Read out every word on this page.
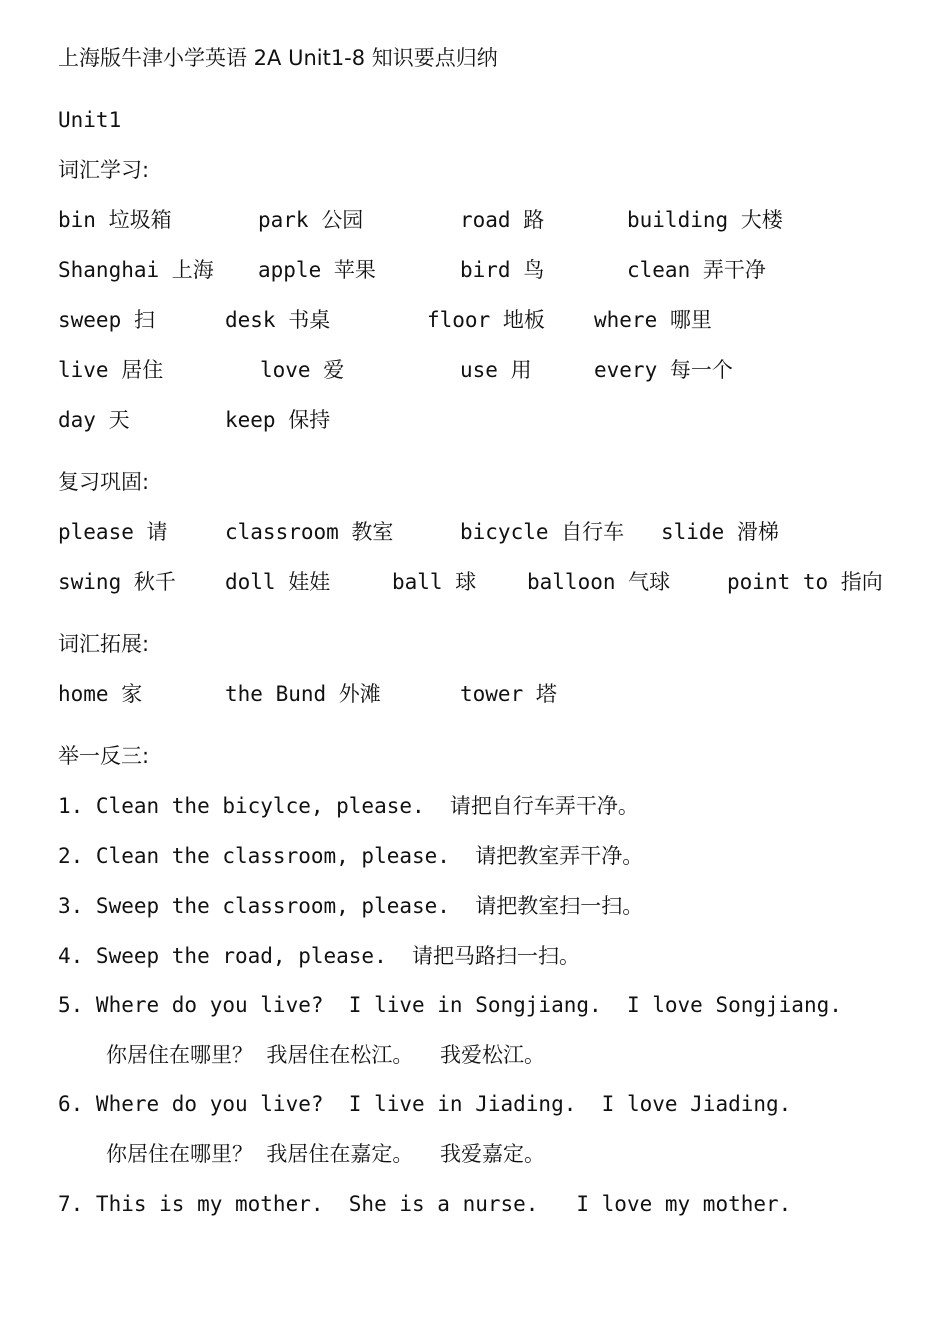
上海版牛津小学英语 2A Unit1-8 知识要点归纳
Unit1
词汇学习:
bin 垃圾箱	park 公园	road 路	building 大楼
Shanghai 上海 apple 苹果	bird 鸟	clean 弄干净
sweep 扫	desk 书桌	floor 地板 where 哪里
live 居住	love 爱	use 用	every 每一个
day 天	keep 保持
复习巩固:
please 请	classroom 教室	bicycle 自行车 slide 滑梯
swing 秋千 doll 娃娃	ball 球 balloon 气球	point to 指向
词汇拓展:
home 家	the Bund 外滩	tower 塔
举一反三:
1. Clean the bicylce, please.  请把自行车弄干净。
2. Clean the classroom, please.  请把教室弄干净。
3. Sweep the classroom, please.  请把教室扫一扫。
4. Sweep the road, please.  请把马路扫一扫。
5. Where do you live?  I live in Songjiang.  I love Songjiang.
你居住在哪里？  我居住在松江。    我爱松江。
6. Where do you live?  I live in Jiading.  I love Jiading.
你居住在哪里？  我居住在嘉定。    我爱嘉定。
7. This is my mother.  She is a nurse.   I love my mother.
